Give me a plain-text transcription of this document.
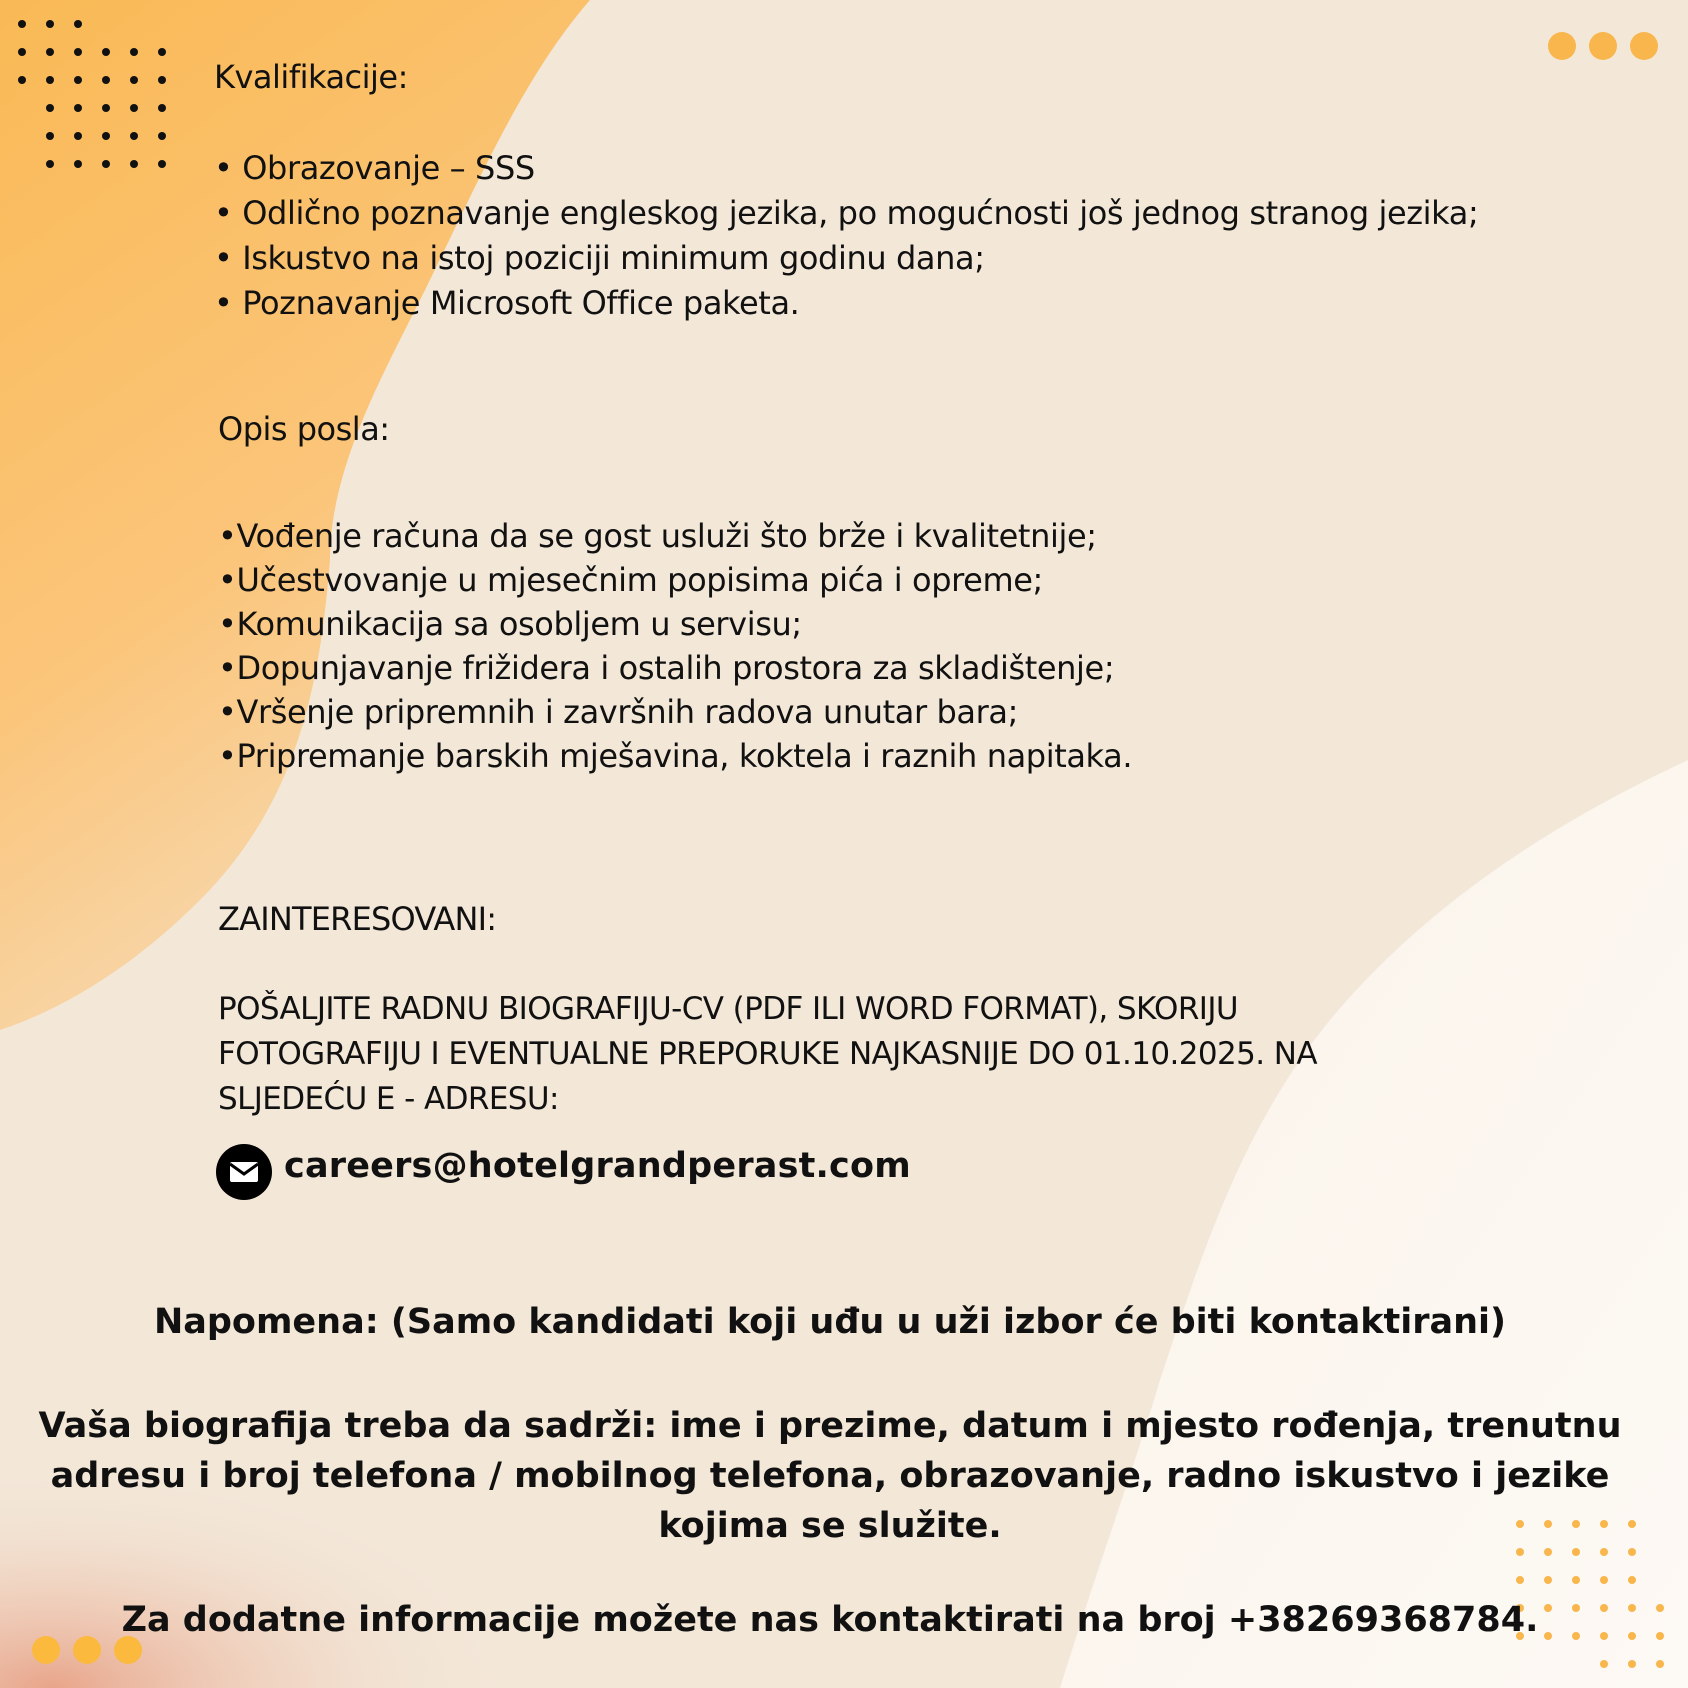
Kvalifikacije:
• Obrazovanje – SSS
• Odlično poznavanje engleskog jezika, po mogućnosti još jednog stranog jezika;
• Iskustvo na istoj poziciji minimum godinu dana;
• Poznavanje Microsoft Office paketa.
Opis posla:
•Vođenje računa da se gost usluži što brže i kvalitetnije;
•Učestvovanje u mjesečnim popisima pića i opreme;
•Komunikacija sa osobljem u servisu;
•Dopunjavanje frižidera i ostalih prostora za skladištenje;
•Vršenje pripremnih i završnih radova unutar bara;
•Pripremanje barskih mješavina, koktela i raznih napitaka.
ZAINTERESOVANI:
POŠALJITE RADNU BIOGRAFIJU-CV (PDF ILI WORD FORMAT), SKORIJU
FOTOGRAFIJU I EVENTUALNE PREPORUKE NAJKASNIJE DO 01.10.2025. NA
SLJEDEĆU E - ADRESU:
careers@hotelgrandperast.com
Napomena: (Samo kandidati koji uđu u uži izbor će biti kontaktirani)
Vaša biografija treba da sadrži: ime i prezime, datum i mjesto rođenja, trenutnu adresu i broj telefona / mobilnog telefona, obrazovanje, radno iskustvo i jezike kojima se služite.
Za dodatne informacije možete nas kontaktirati na broj +38269368784.
